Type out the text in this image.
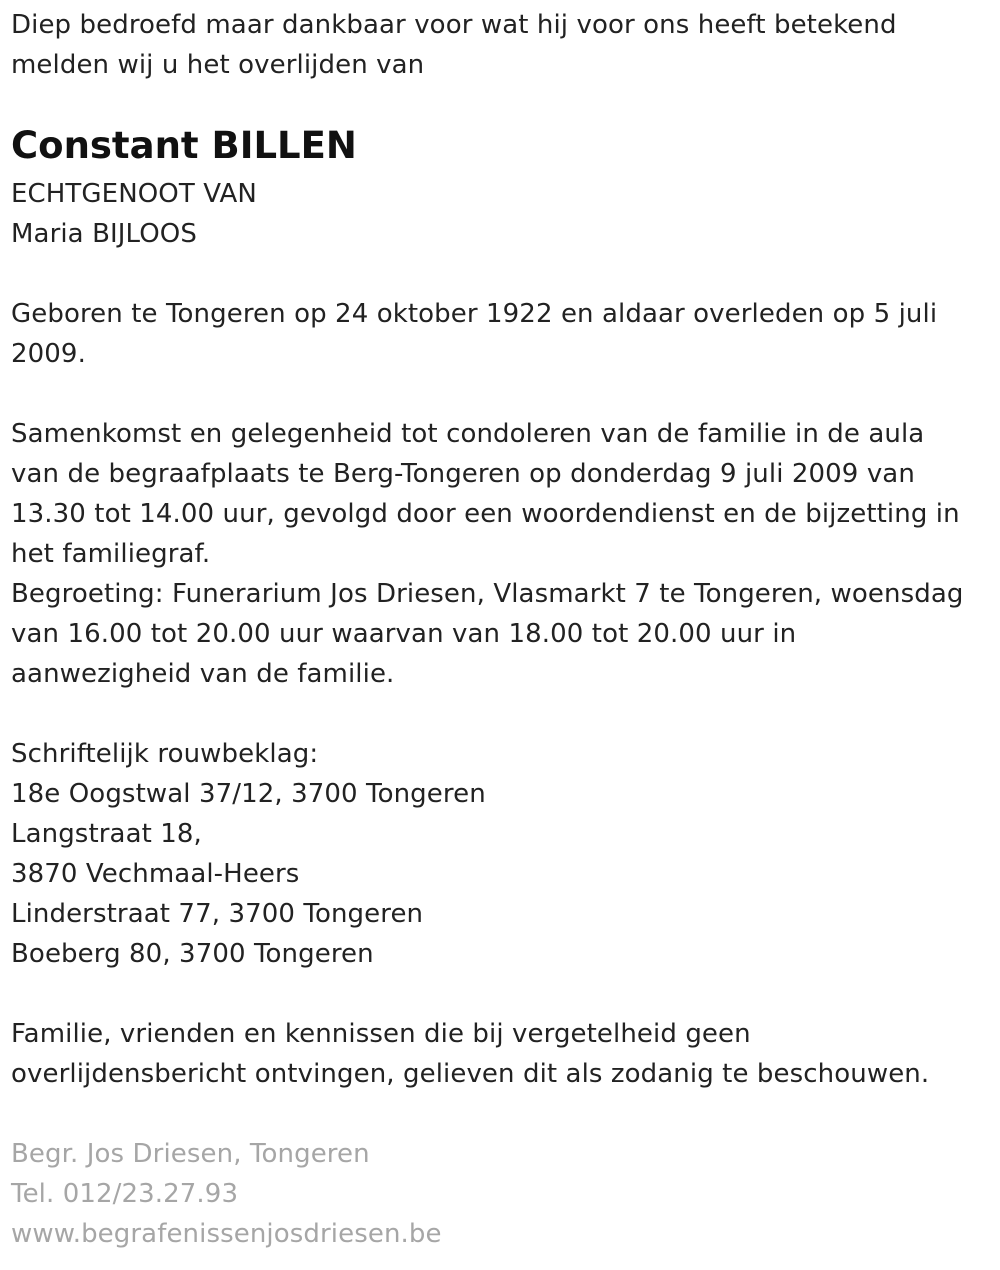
Diep bedroefd maar dankbaar voor wat hij voor ons heeft betekend
melden wij u het overlijden van
Constant BILLEN
ECHTGENOOT VAN
Maria BIJLOOS
Geboren te Tongeren op 24 oktober 1922 en aldaar overleden op 5 juli
2009.
Samenkomst en gelegenheid tot condoleren van de familie in de aula
van de begraafplaats te Berg-Tongeren op donderdag 9 juli 2009 van
13.30 tot 14.00 uur, gevolgd door een woordendienst en de bijzetting in
het familiegraf.
Begroeting: Funerarium Jos Driesen, Vlasmarkt 7 te Tongeren, woensdag
van 16.00 tot 20.00 uur waarvan van 18.00 tot 20.00 uur in
aanwezigheid van de familie.
Schriftelijk rouwbeklag:
18e Oogstwal 37/12, 3700 Tongeren
Langstraat 18,
3870 Vechmaal-Heers
Linderstraat 77, 3700 Tongeren
Boeberg 80, 3700 Tongeren
Familie, vrienden en kennissen die bij vergetelheid geen
overlijdensbericht ontvingen, gelieven dit als zodanig te beschouwen.
Begr. Jos Driesen, Tongeren
Tel. 012/23.27.93
www.begrafenissenjosdriesen.be
